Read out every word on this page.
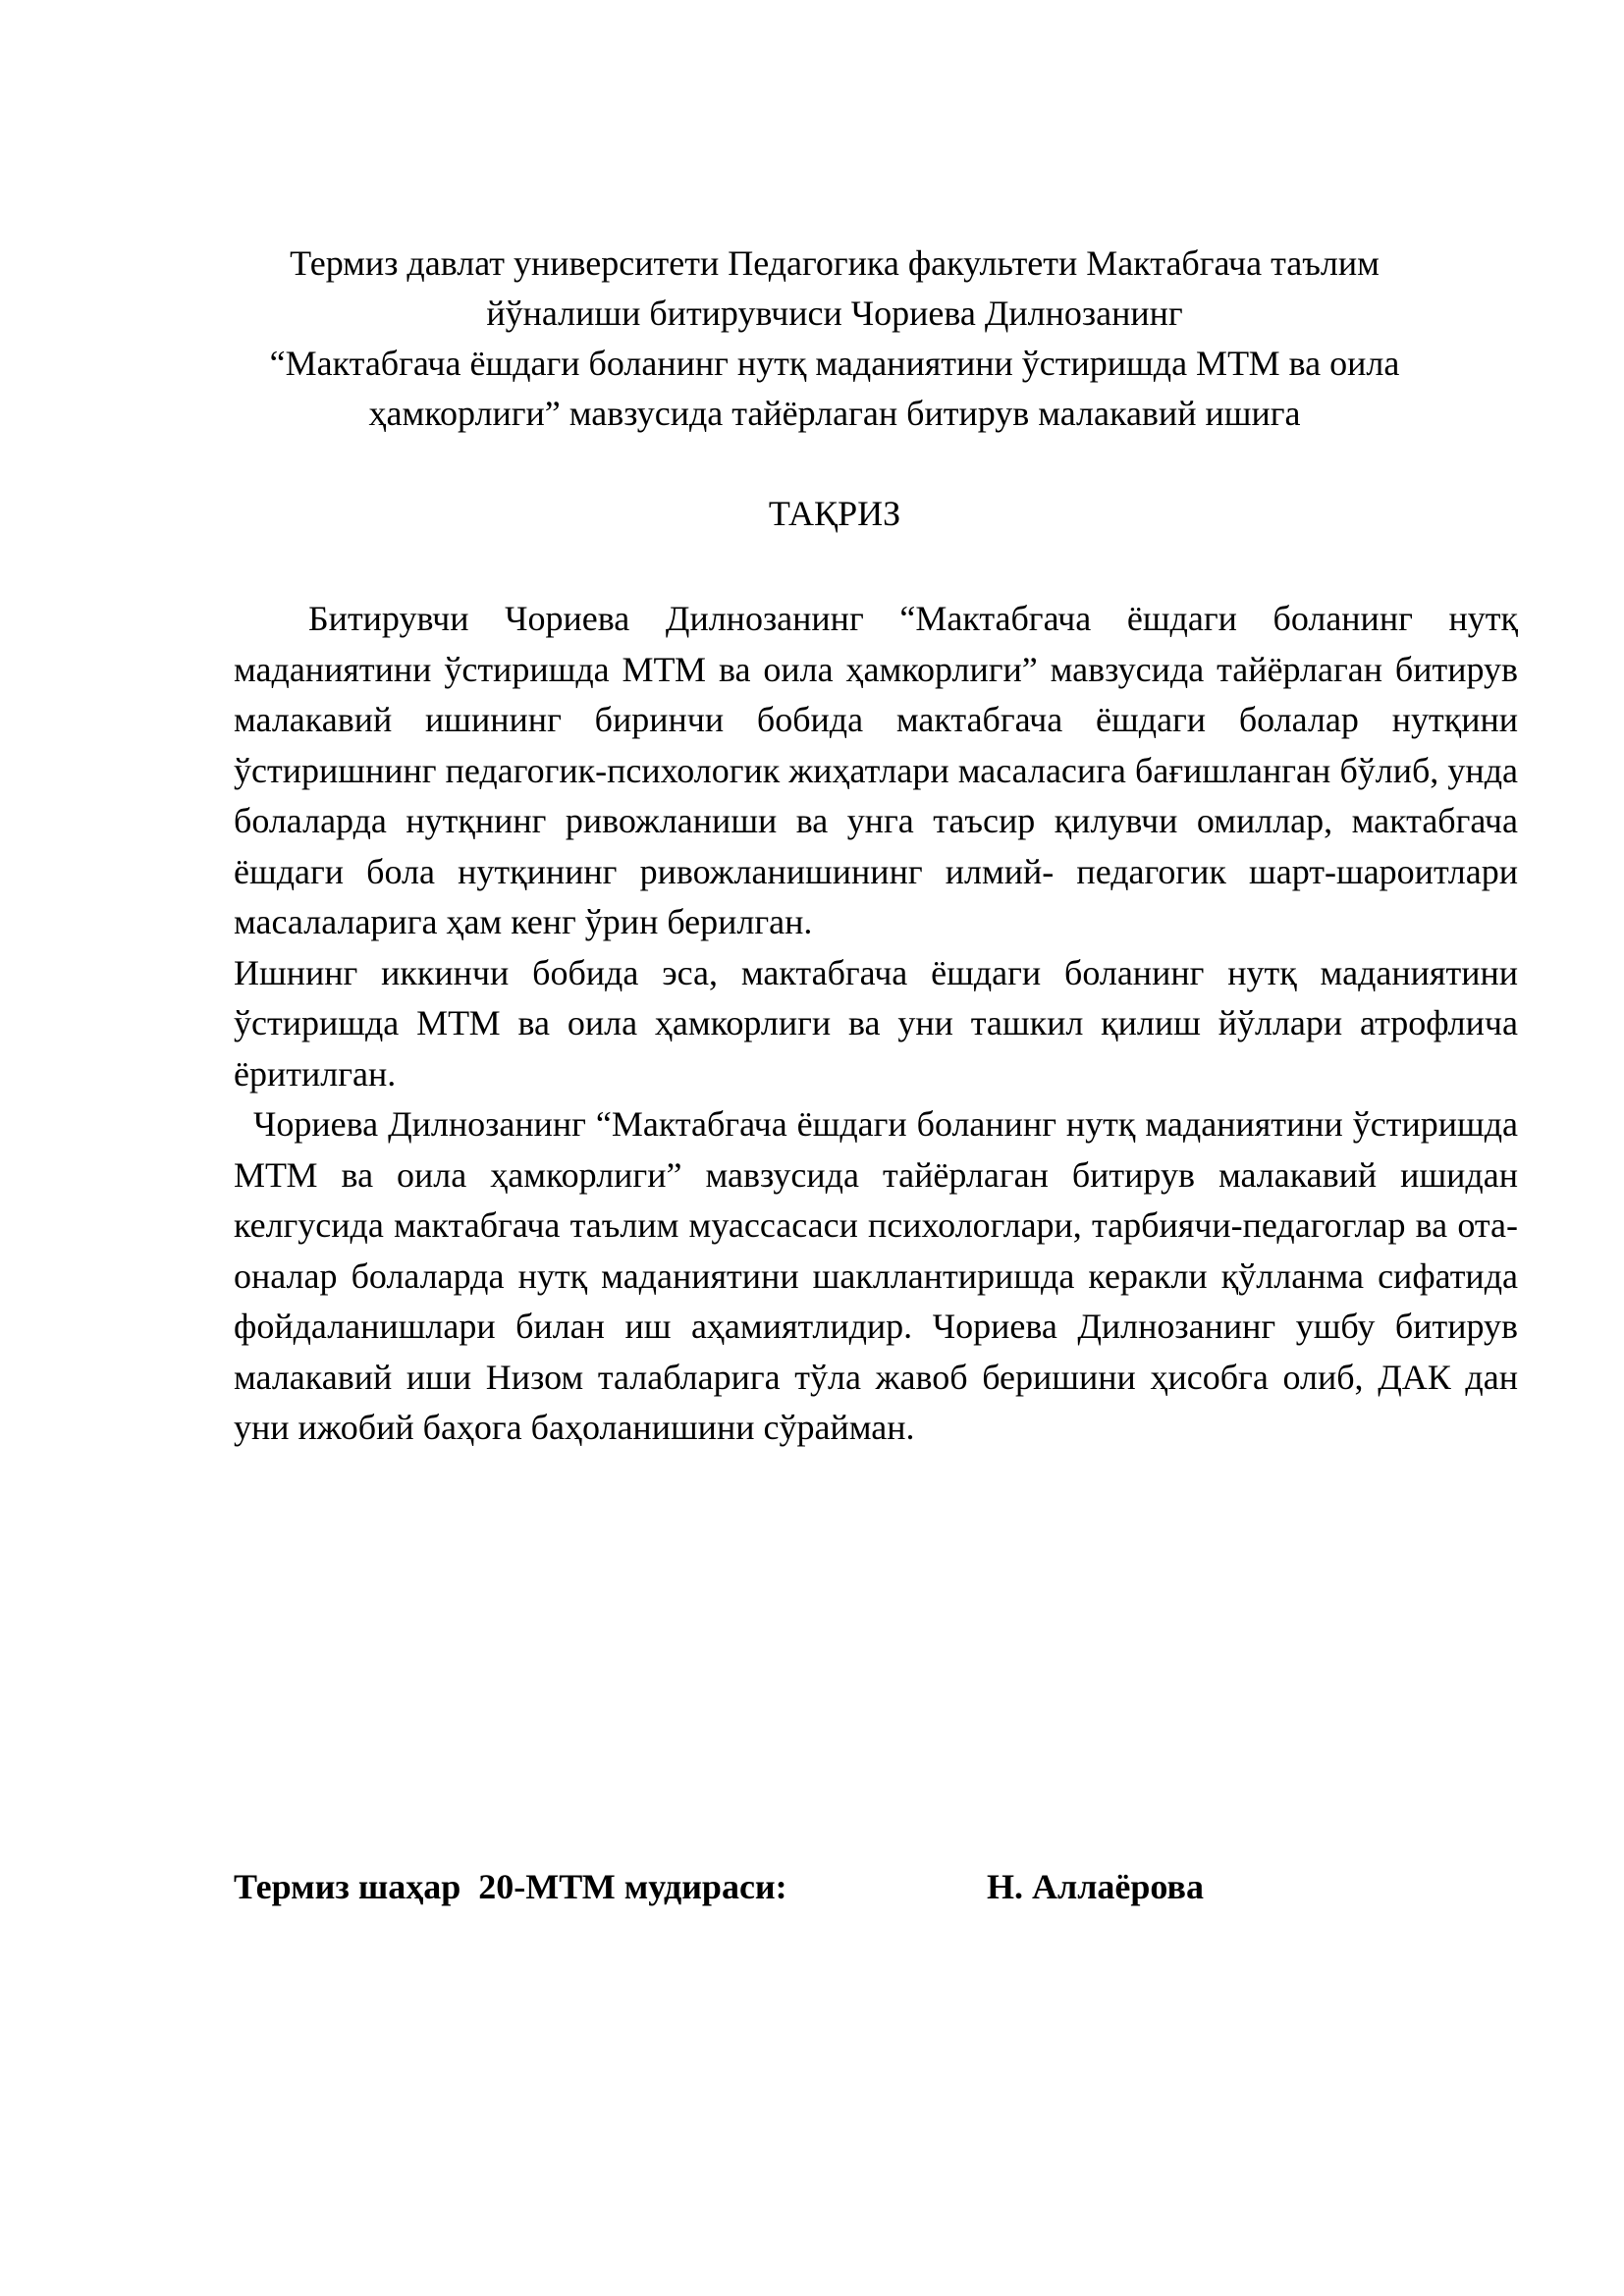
Термиз давлат университети Педагогика факультети Мактабгача таълим
йўналиши битирувчиси Чориева Дилнозанинг
“Мактабгача ёшдаги боланинг нутқ маданиятини ўстиришда МТМ ва оила
ҳамкорлиги” мавзусида тайёрлаган битирув малакавий ишига
ТАҚРИЗ

Битирувчи Чориева Дилнозанинг “Мактабгача ёшдаги боланинг нутқ маданиятини ўстиришда МТМ ва оила ҳамкорлиги” мавзусида тайёрлаган битирув малакавий ишининг биринчи бобида мактабгача ёшдаги болалар нутқини ўстиришнинг педагогик-психологик жиҳатлари масаласига бағишланган бўлиб, унда болаларда нутқнинг ривожланиши ва унга таъсир қилувчи омиллар, мактабгача ёшдаги бола нутқининг ривожланишининг илмий- педагогик шарт-шароитлари масалаларига ҳам кенг ўрин берилган.

Ишнинг иккинчи бобида эса, мактабгача ёшдаги боланинг нутқ маданиятини ўстиришда МТМ ва оила ҳамкорлиги ва уни ташкил қилиш йўллари атрофлича ёритилган.

Чориева Дилнозанинг “Мактабгача ёшдаги боланинг нутқ маданиятини ўстиришда МТМ ва оила ҳамкорлиги” мавзусида тайёрлаган битирув малакавий ишидан келгусида мактабгача таълим муассасаси психологлари, тарбиячи-педагоглар ва ота-оналар болаларда нутқ маданиятини шакллантиришда керакли қўлланма сифатида фойдаланишлари билан иш аҳамиятлидир. Чориева Дилнозанинг ушбу битирув малакавий иши Низом талабларига тўла жавоб беришини ҳисобга олиб, ДАК дан уни ижобий баҳога баҳоланишини сўрайман.

Термиз шаҳар  20-МТМ мудираси:	Н. Аллаёрова
